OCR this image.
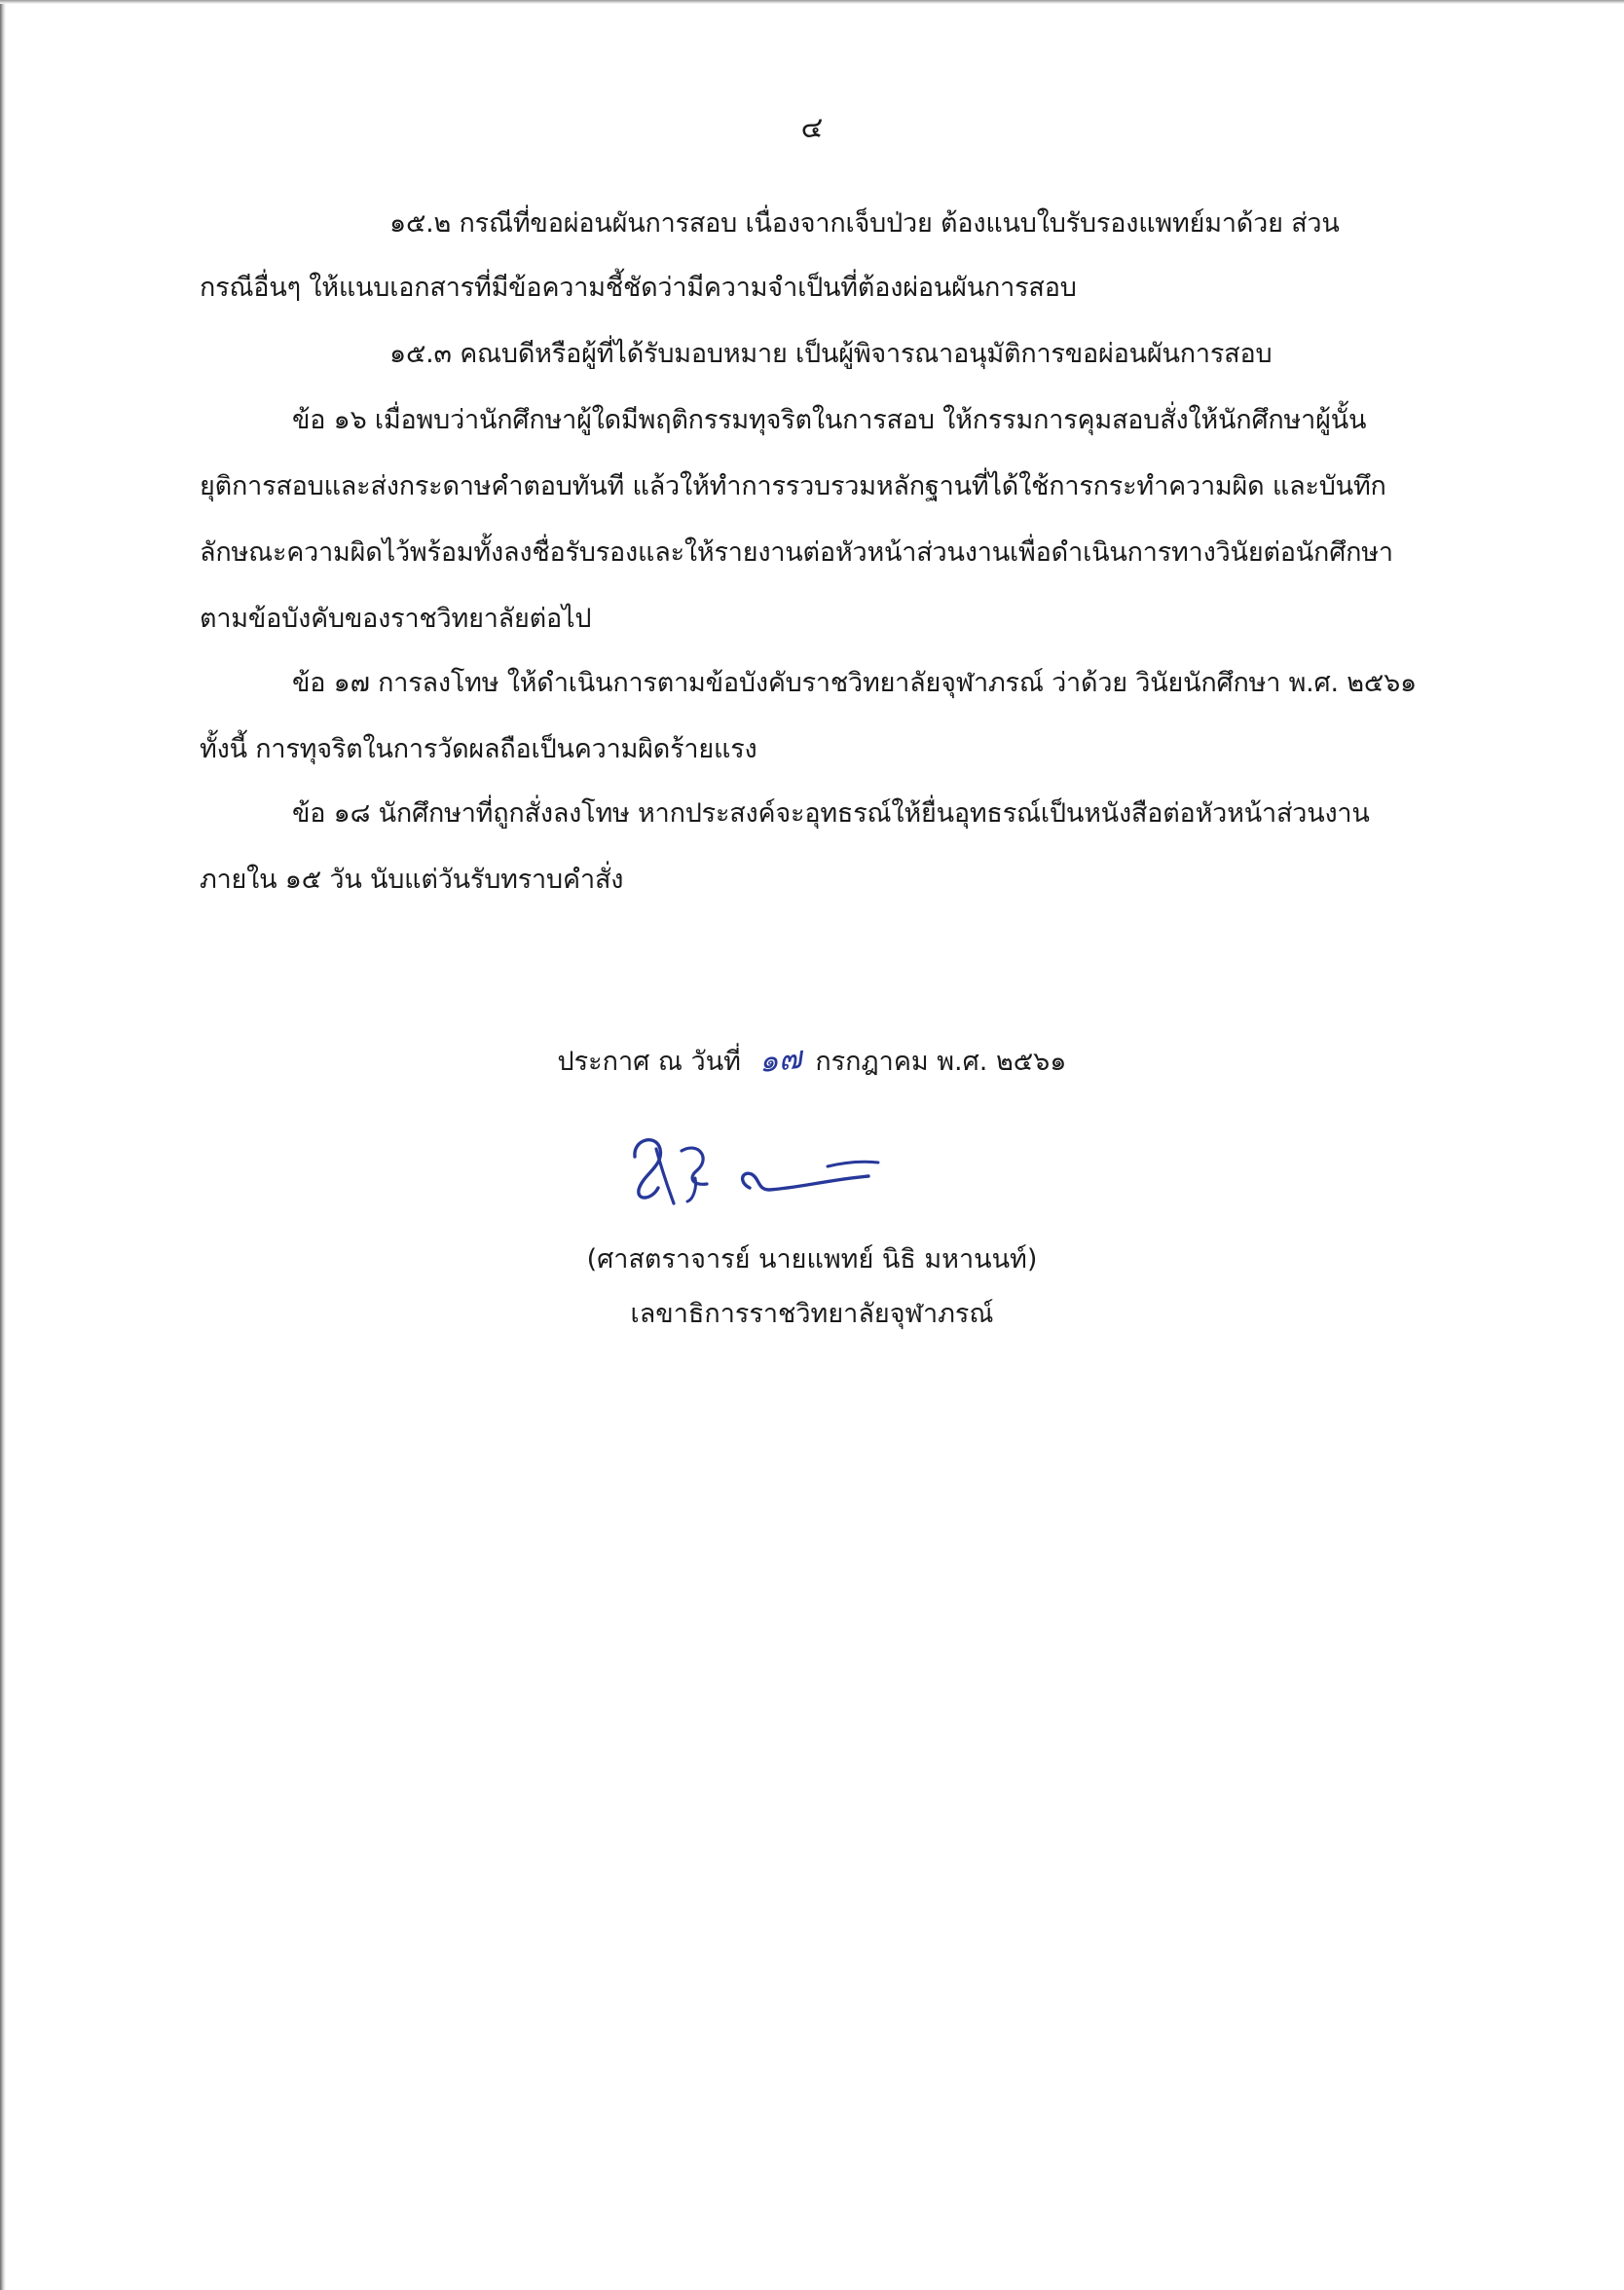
๔
๑๕.๒ กรณีที่ขอผ่อนผันการสอบ เนื่องจากเจ็บป่วย ต้องแนบใบรับรองแพทย์มาด้วย ส่วน
กรณีอื่นๆ ให้แนบเอกสารที่มีข้อความชี้ชัดว่ามีความจำเป็นที่ต้องผ่อนผันการสอบ
๑๕.๓ คณบดีหรือผู้ที่ได้รับมอบหมาย เป็นผู้พิจารณาอนุมัติการขอผ่อนผันการสอบ
ข้อ ๑๖ เมื่อพบว่านักศึกษาผู้ใดมีพฤติกรรมทุจริตในการสอบ ให้กรรมการคุมสอบสั่งให้นักศึกษาผู้นั้น
ยุติการสอบและส่งกระดาษคำตอบทันที แล้วให้ทำการรวบรวมหลักฐานที่ได้ใช้การกระทำความผิด และบันทึก
ลักษณะความผิดไว้พร้อมทั้งลงชื่อรับรองและให้รายงานต่อหัวหน้าส่วนงานเพื่อดำเนินการทางวินัยต่อนักศึกษา
ตามข้อบังคับของราชวิทยาลัยต่อไป
ข้อ ๑๗ การลงโทษ ให้ดำเนินการตามข้อบังคับราชวิทยาลัยจุฬาภรณ์ ว่าด้วย วินัยนักศึกษา พ.ศ. ๒๕๖๑
ทั้งนี้ การทุจริตในการวัดผลถือเป็นความผิดร้ายแรง
ข้อ ๑๘ นักศึกษาที่ถูกสั่งลงโทษ หากประสงค์จะอุทธรณ์ให้ยื่นอุทธรณ์เป็นหนังสือต่อหัวหน้าส่วนงาน
ภายใน ๑๕ วัน นับแต่วันรับทราบคำสั่ง
ประกาศ ณ วันที่ ๑๗ กรกฎาคม พ.ศ. ๒๕๖๑
(ศาสตราจารย์ นายแพทย์ นิธิ มหานนท์)
เลขาธิการราชวิทยาลัยจุฬาภรณ์
